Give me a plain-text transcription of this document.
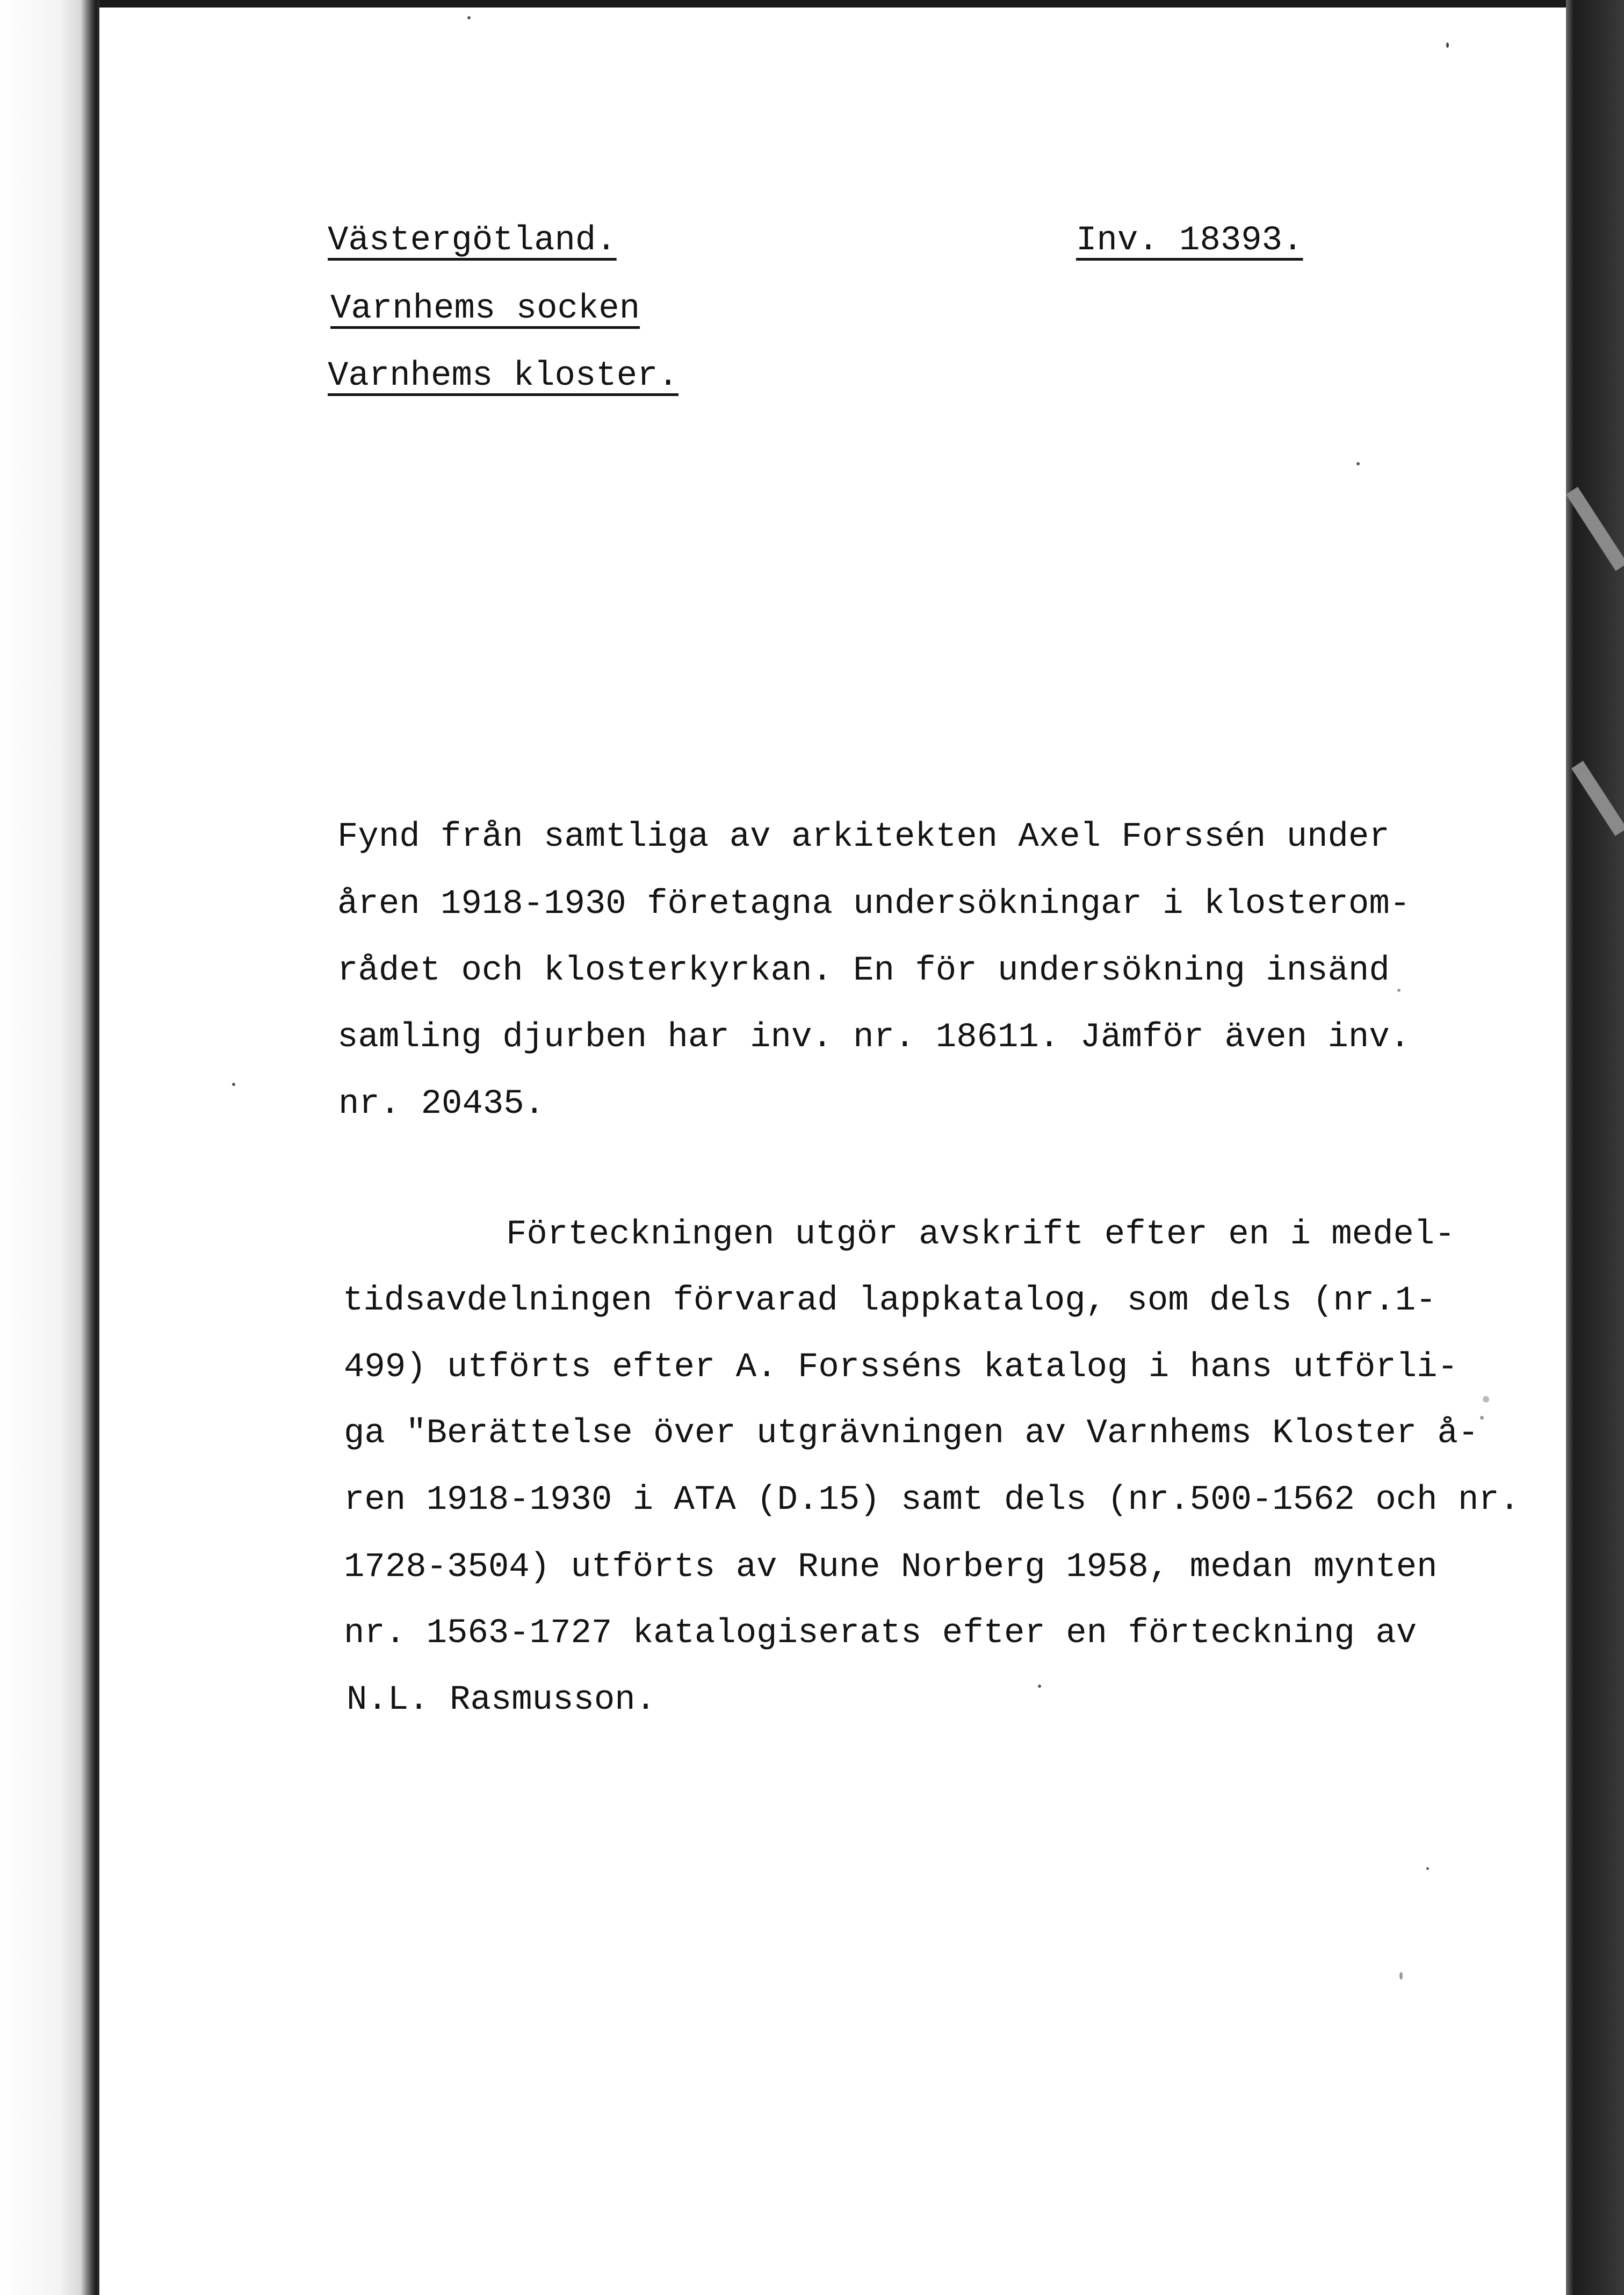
Västergötland.	Inv. 18393.
Varnhems socken
Varnhems kloster.
Fynd från samtliga av arkitekten Axel Forssén under
åren 1918-1930 företagna undersökningar i klosterom-
rådet och klosterkyrkan. En för undersökning insänd
samling djurben har inv. nr. 18611. Jämför även inv.
nr. 20435.
Förteckningen utgör avskrift efter en i medel-
tidsavdelningen förvarad lappkatalog, som dels (nr.1-
499) utförts efter A. Forsséns katalog i hans utförli-
ga "Berättelse över utgrävningen av Varnhems Kloster å-
ren 1918-1930 i ATA (D.15) samt dels (nr.500-1562 och nr.
1728-3504) utförts av Rune Norberg 1958, medan mynten
nr. 1563-1727 katalogiserats efter en förteckning av
N.L. Rasmusson.
